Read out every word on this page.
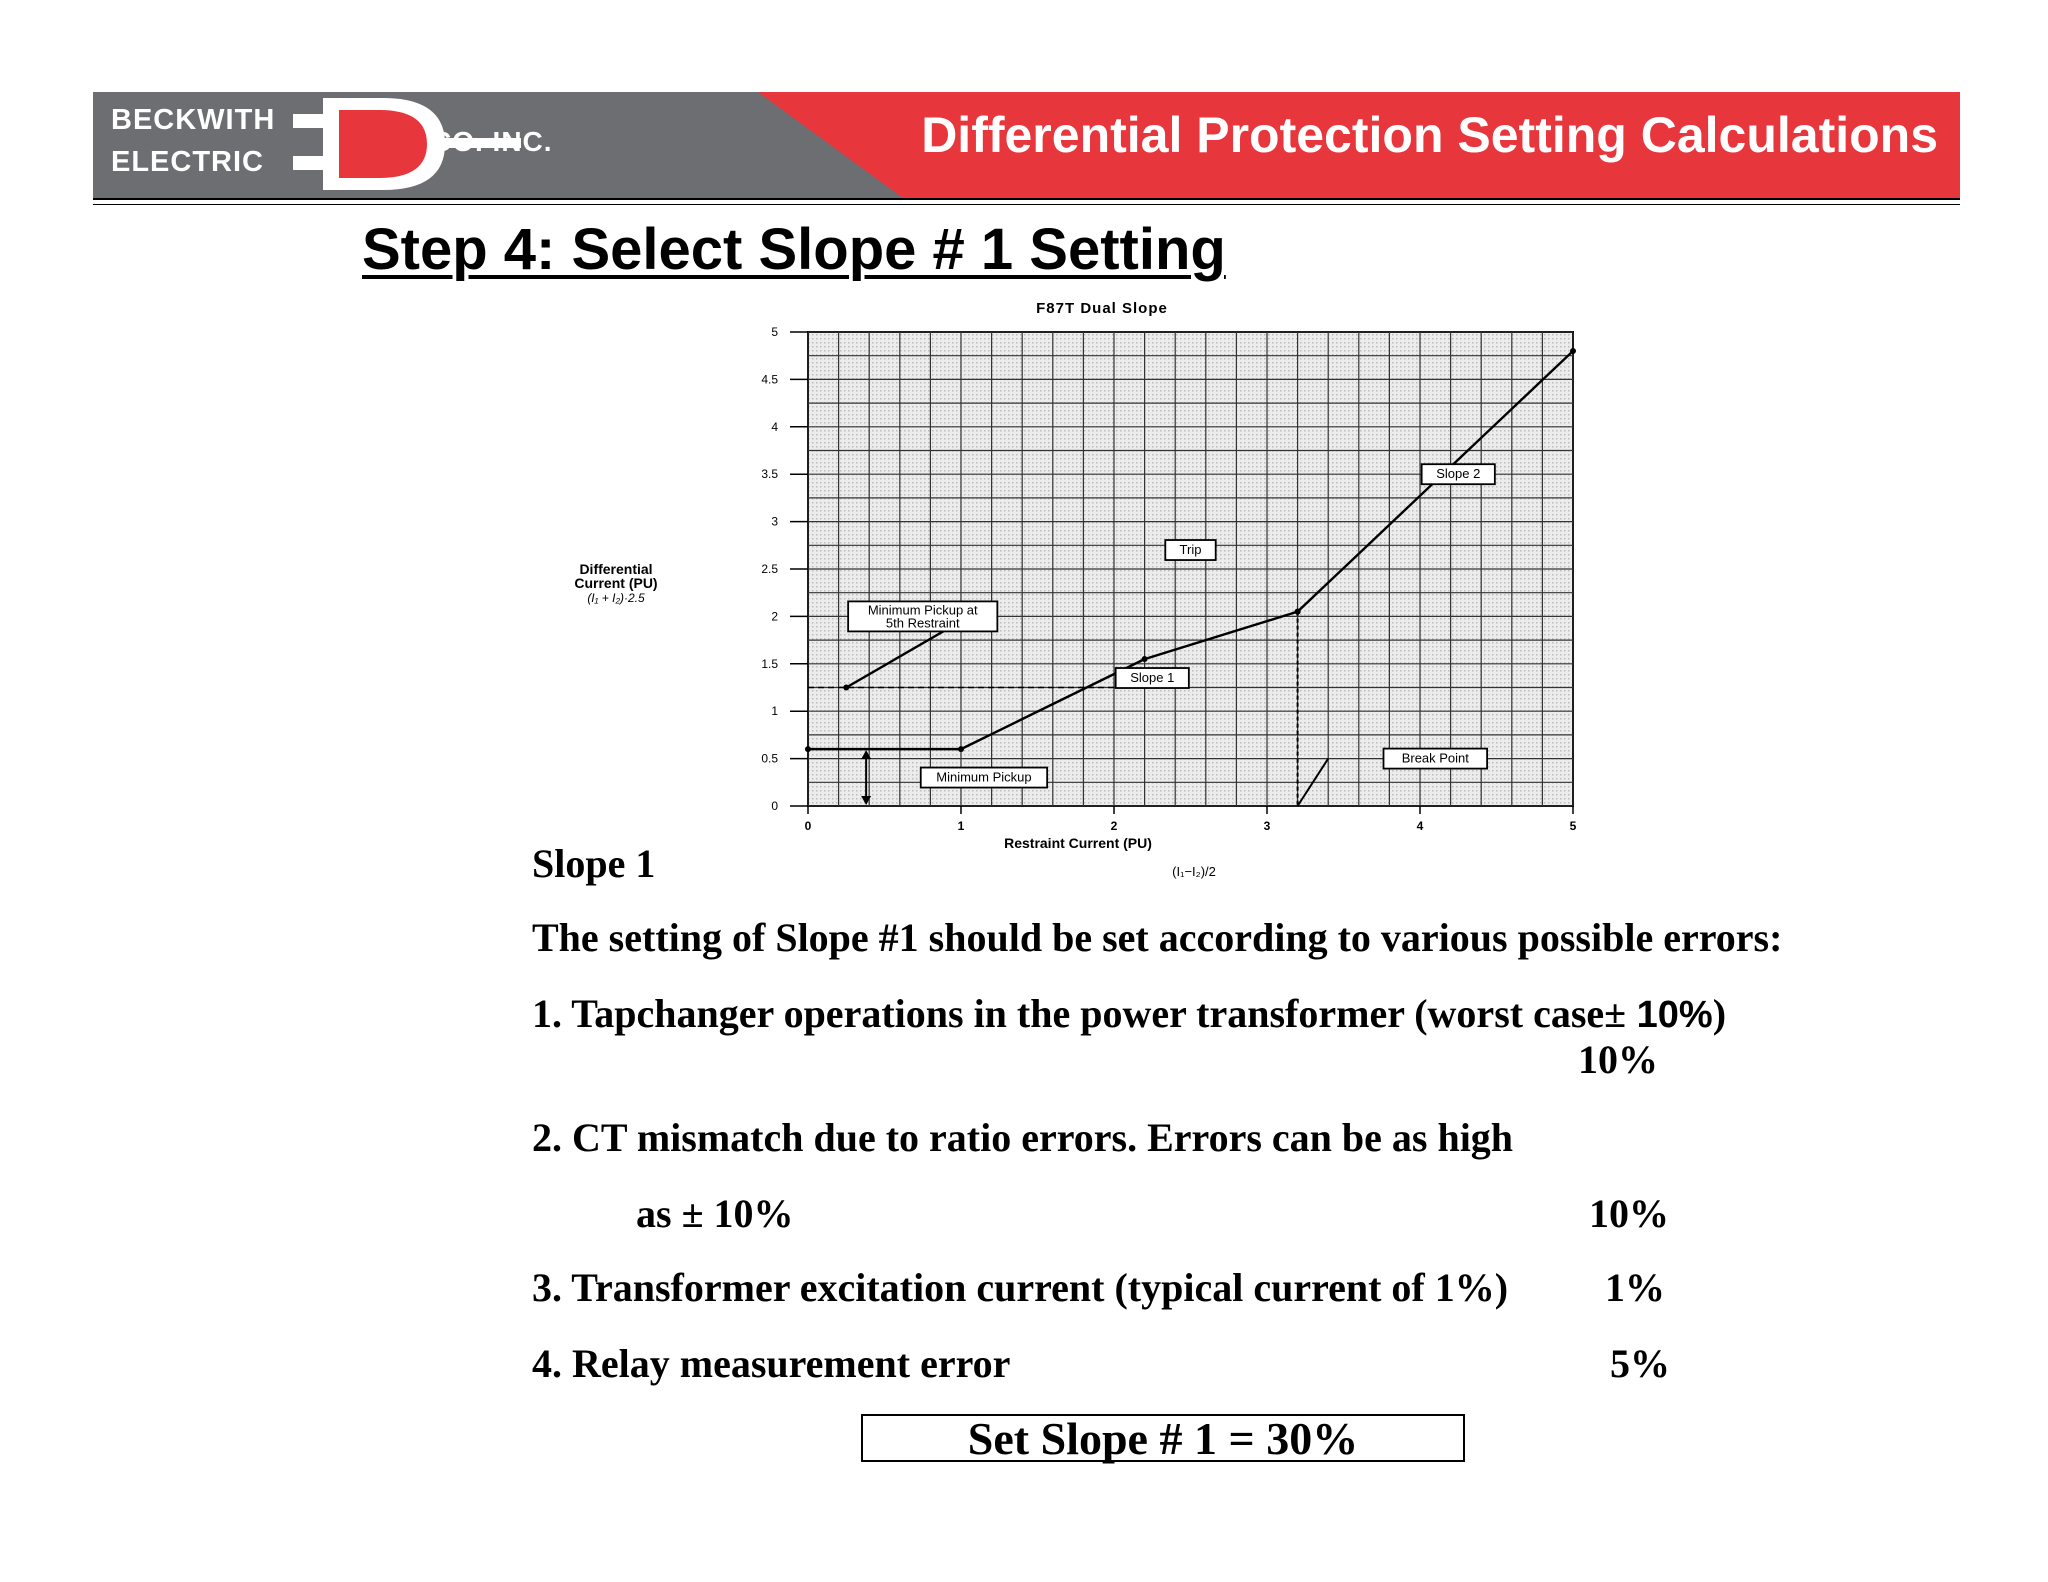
BECKWITH
ELECTRIC
CO. INC.	Differential Protection Setting Calculations
Step 4: Select Slope # 1 Setting
F87T Dual Slope
0	1	2	3	4	5
0
0.5
1
1.5
2
2.5
3
3.5
4
4.5
5
Trip
Slope 2
Minimum Pickup at
5th Restraint
Slope 1
Minimum Pickup
Break Point
Differential
Current (PU)
(I₁ + I₂)·2.5
Restraint Current (PU)
(I₁−I₂)/2
Slope 1
The setting of Slope #1 should be set according to various possible errors:
1. Tapchanger operations in the power transformer (worst case± 10%)
10%
2. CT mismatch due to ratio errors. Errors can be as high
as ± 10%	10%
3. Transformer excitation current (typical current of 1%) 1%
4. Relay measurement error	5%
Set Slope # 1 = 30%
